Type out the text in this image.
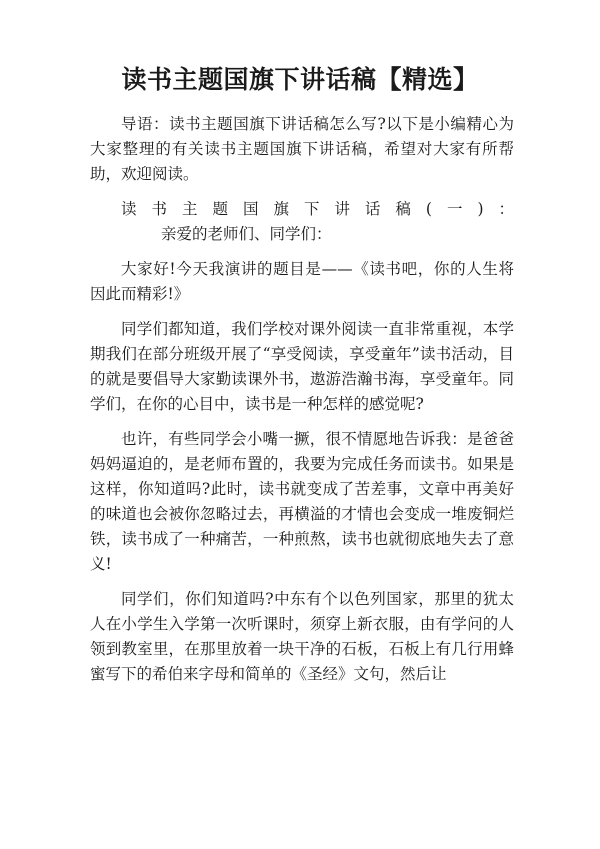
读书主题国旗下讲话稿【精选】

导语：读书主题国旗下讲话稿怎么写?以下是小编精心为大家整理的有关读书主题国旗下讲话稿，希望对大家有所帮助，欢迎阅读。

读书主题国旗下讲话稿(一)：亲爱的老师们、同学们：

大家好!今天我演讲的题目是——《读书吧，你的人生将因此而精彩!》

同学们都知道，我们学校对课外阅读一直非常重视，本学期我们在部分班级开展了“享受阅读，享受童年”读书活动，目的就是要倡导大家勤读课外书，遨游浩瀚书海，享受童年。同学们，在你的心目中，读书是一种怎样的感觉呢?

也许，有些同学会小嘴一撅，很不情愿地告诉我：是爸爸妈妈逼迫的，是老师布置的，我要为完成任务而读书。如果是这样，你知道吗?此时，读书就变成了苦差事，文章中再美好的味道也会被你忽略过去，再横溢的才情也会变成一堆废铜烂铁，读书成了一种痛苦，一种煎熬，读书也就彻底地失去了意义!

同学们，你们知道吗?中东有个以色列国家，那里的犹太人在小学生入学第一次听课时，须穿上新衣服，由有学问的人领到教室里，在那里放着一块干净的石板，石板上有几行用蜂蜜写下的希伯来字母和简单的《圣经》文句，然后让
